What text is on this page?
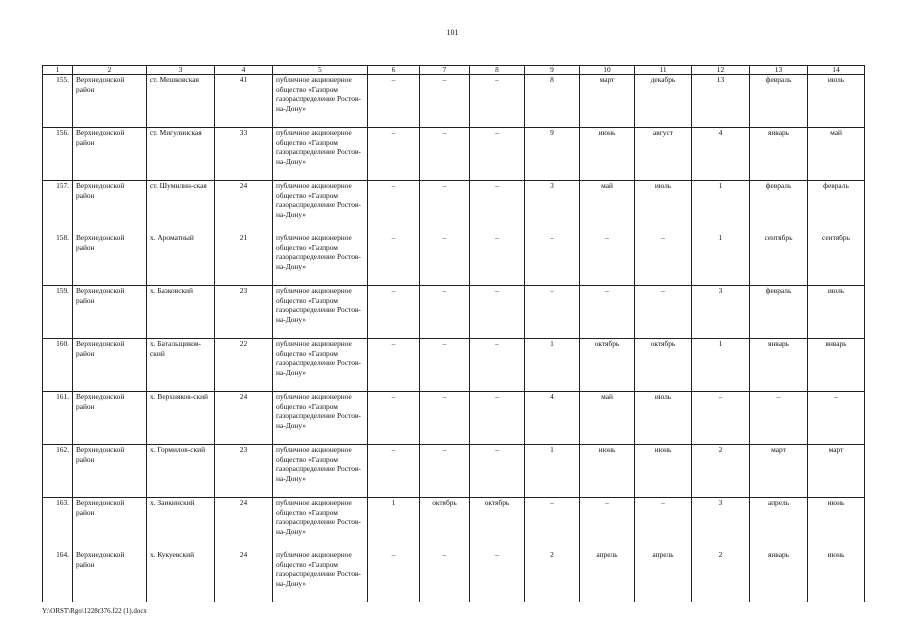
101
1	2	3	4	5	6	7	8	9	10	11	12	13	14
155.	Верхнедонской район	ст. Мешковская	41	публичное акционерное общество «Газпром газораспределение Ростов-на-Дону»	–	–	–	8	март	декабрь	13	февраль	июль
156.	Верхнедонской район	ст. Мигулинская	33	публичное акционерное общество «Газпром газораспределение Ростов-на-Дону»	–	–	–	9	июнь	август	4	январь	май
157.	Верхнедонской район	ст. Шумилин-ская	24	публичное акционерное общество «Газпром газораспределение Ростов-на-Дону»	–	–	–	3	май	июль	1	февраль	февраль
158.	Верхнедонской район	х. Ароматный	21	публичное акционерное общество «Газпром газораспределение Ростов-на-Дону»	–	–	–	–	–	–	1	сентябрь	сентябрь
159.	Верхнедонской район	х. Базковский	23	публичное акционерное общество «Газпром газораспределение Ростов-на-Дону»	–	–	–	–	–	–	3	февраль	июль
160.	Верхнедонской район	х. Батальщиков-ский	22	публичное акционерное общество «Газпром газораспределение Ростов-на-Дону»	–	–	–	1	октябрь	октябрь	1	январь	январь
161.	Верхнедонской район	х. Верхняков-ский	24	публичное акционерное общество «Газпром газораспределение Ростов-на-Дону»	–	–	–	4	май	июль	–	–	–
162.	Верхнедонской район	х. Гормилов-ский	23	публичное акционерное общество «Газпром газораспределение Ростов-на-Дону»	–	–	–	1	июнь	июнь	2	март	март
163.	Верхнедонской район	х. Заикинский	24	публичное акционерное общество «Газпром газораспределение Ростов-на-Дону»	1	октябрь	октябрь	–	–	–	3	апрель	июнь
164.	Верхнедонской район	х. Кукуевский	24	публичное акционерное общество «Газпром газораспределение Ростов-на-Дону»	–	–	–	2	апрель	апрель	2	январь	июнь
Y:\ORST\Rgo\1228r376.f22 (1).docx
